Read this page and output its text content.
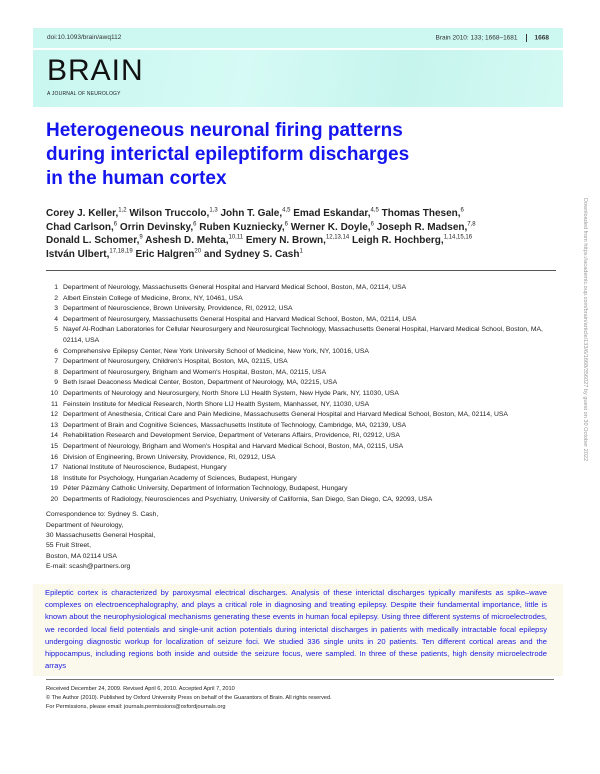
doi:10.1093/brain/awq112	Brain 2010: 133; 1668–1681	1668
BRAIN
A JOURNAL OF NEUROLOGY
Heterogeneous neuronal firing patterns
during interictal epileptiform discharges
in the human cortex
Corey J. Keller,$^{1,2}$ Wilson Truccolo,$^{1,3}$ John T. Gale,$^{4,5}$ Emad Eskandar,$^{4,5}$ Thomas Thesen,$^6$
Chad Carlson,$^6$ Orrin Devinsky,$^6$ Ruben Kuzniecky,$^6$ Werner K. Doyle,$^6$ Joseph R. Madsen,$^{7,8}$
Donald L. Schomer,$^9$ Ashesh D. Mehta,$^{10,11}$ Emery N. Brown,$^{12,13,14}$ Leigh R. Hochberg,$^{1,14,15,16}$
István Ulbert,$^{17,18,19}$ Eric Halgren$^{20}$ and Sydney S. Cash$^1$
1 Department of Neurology, Massachusetts General Hospital and Harvard Medical School, Boston, MA, 02114, USA
2 Albert Einstein College of Medicine, Bronx, NY, 10461, USA
3 Department of Neuroscience, Brown University, Providence, RI, 02912, USA
4 Department of Neurosurgery, Massachusetts General Hospital and Harvard Medical School, Boston, MA, 02114, USA
5 Nayef Al-Rodhan Laboratories for Cellular Neurosurgery and Neurosurgical Technology, Massachusetts General Hospital, Harvard Medical School, Boston, MA, 02114, USA
6 Comprehensive Epilepsy Center, New York University School of Medicine, New York, NY, 10016, USA
7 Department of Neurosurgery, Children's Hospital, Boston, MA, 02115, USA
8 Department of Neurosurgery, Brigham and Women's Hospital, Boston, MA, 02115, USA
9 Beth Israel Deaconess Medical Center, Boston, Department of Neurology, MA, 02215, USA
10 Departments of Neurology and Neurosurgery, North Shore LIJ Health System, New Hyde Park, NY, 11030, USA
11 Feinstein Institute for Medical Research, North Shore LIJ Health System, Manhasset, NY, 11030, USA
12 Department of Anesthesia, Critical Care and Pain Medicine, Massachusetts General Hospital and Harvard Medical School, Boston, MA, 02114, USA
13 Department of Brain and Cognitive Sciences, Massachusetts Institute of Technology, Cambridge, MA, 02139, USA
14 Rehabilitation Research and Development Service, Department of Veterans Affairs, Providence, RI, 02912, USA
15 Department of Neurology, Brigham and Women's Hospital and Harvard Medical School, Boston, MA, 02115, USA
16 Division of Engineering, Brown University, Providence, RI, 02912, USA
17 National Institute of Neuroscience, Budapest, Hungary
18 Institute for Psychology, Hungarian Academy of Sciences, Budapest, Hungary
19 Péter Pázmány Catholic University, Department of Information Technology, Budapest, Hungary
20 Departments of Radiology, Neurosciences and Psychiatry, University of California, San Diego, San Diego, CA, 92093, USA
Correspondence to: Sydney S. Cash,
Department of Neurology,
30 Massachusetts General Hospital,
55 Fruit Street,
Boston, MA 02114 USA
E-mail: scash@partners.org

Epileptic cortex is characterized by paroxysmal electrical discharges. Analysis of these interictal discharges typically manifests as spike–wave complexes on electroencephalography, and plays a critical role in diagnosing and treating epilepsy. Despite their fundamental importance, little is known about the neurophysiological mechanisms generating these events in human focal epilepsy. Using three different systems of microelectrodes, we recorded local field potentials and single-unit action potentials during interictal discharges in patients with medically intractable focal epilepsy undergoing diagnostic workup for localization of seizure foci. We studied 336 single units in 20 patients. Ten different cortical areas and the hippocampus, including regions both inside and outside the seizure focus, were sampled. In three of these patients, high density microelectrode arrays

Received December 24, 2009. Revised April 6, 2010. Accepted April 7, 2010
© The Author (2010). Published by Oxford University Press on behalf of the Guarantors of Brain. All rights reserved.
For Permissions, please email: journals.permissions@oxfordjournals.org
Downloaded from https://academic.oup.com/brain/article/133/6/1668/356027 by guest on 30 October 2022
